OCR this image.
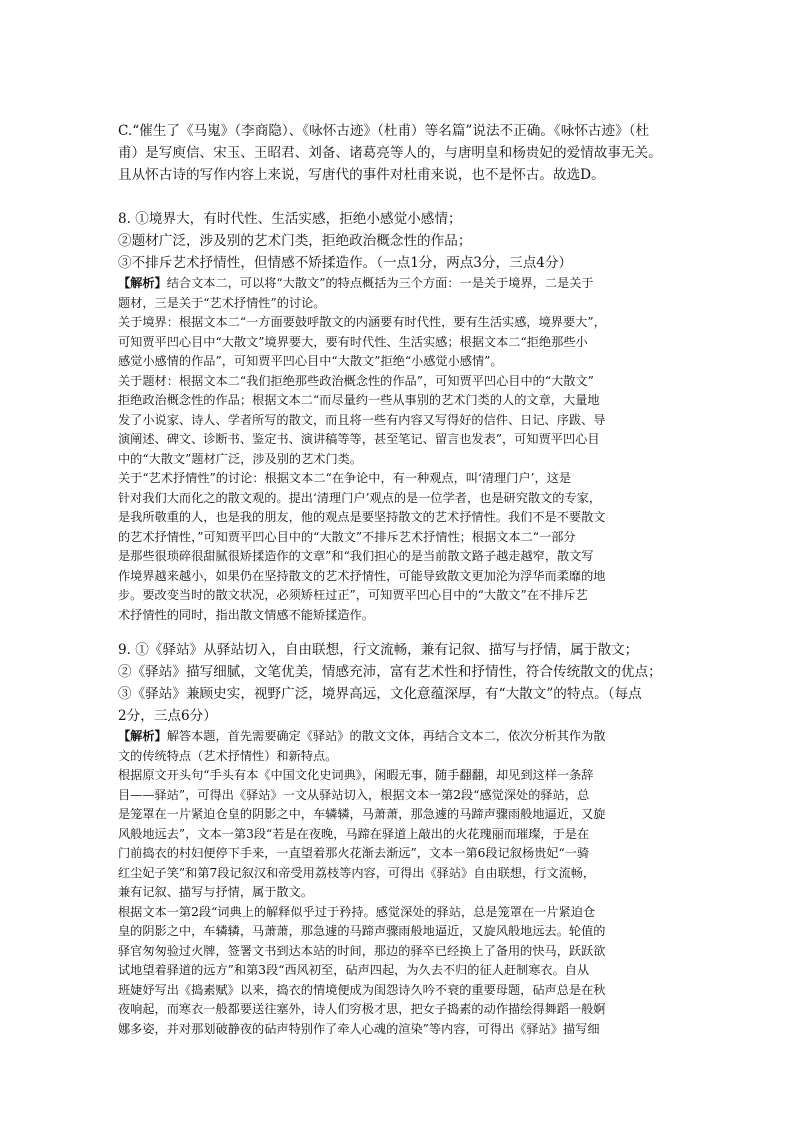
C.“催生了《马嵬》（李商隐）、《咏怀古迹》（杜甫）等名篇”说法不正确。《咏怀古迹》（杜

甫）是写庾信、宋玉、王昭君、刘备、诸葛亮等人的，与唐明皇和杨贵妃的爱情故事无关。

且从怀古诗的写作内容上来说，写唐代的事件对杜甫来说，也不是怀古。故选D。

8. ①境界大，有时代性、生活实感，拒绝小感觉小感情；

②题材广泛，涉及别的艺术门类，拒绝政治概念性的作品；

③不排斥艺术抒情性，但情感不矫揉造作。（一点1分，两点3分，三点4分）

【解析】结合文本二，可以将“大散文”的特点概括为三个方面：一是关于境界，二是关于

题材，三是关于“艺术抒情性”的讨论。

关于境界：根据文本二“一方面要鼓呼散文的内涵要有时代性，要有生活实感，境界要大”，

可知贾平凹心目中“大散文”境界要大，要有时代性、生活实感；根据文本二“拒绝那些小

感觉小感情的作品”，可知贾平凹心目中“大散文”拒绝“小感觉小感情”。

关于题材：根据文本二“我们拒绝那些政治概念性的作品”，可知贾平凹心目中的“大散文”

拒绝政治概念性的作品；根据文本二“而尽量约一些从事别的艺术门类的人的文章，大量地

发了小说家、诗人、学者所写的散文，而且将一些有内容又写得好的信件、日记、序跋、导

演阐述、碑文、诊断书、鉴定书、演讲稿等等，甚至笔记、留言也发表”，可知贾平凹心目

中的“大散文”题材广泛，涉及别的艺术门类。

关于“艺术抒情性”的讨论：根据文本二“在争论中，有一种观点，叫‘清理门户’，这是

针对我们大而化之的散文观的。提出‘清理门户’观点的是一位学者，也是研究散文的专家，

是我所敬重的人，也是我的朋友，他的观点是要坚持散文的艺术抒情性。我们不是不要散文

的艺术抒情性，”可知贾平凹心目中的“大散文”不排斥艺术抒情性；根据文本二“一部分

是那些很琐碎很甜腻很矫揉造作的文章”和“我们担心的是当前散文路子越走越窄，散文写

作境界越来越小，如果仍在坚持散文的艺术抒情性，可能导致散文更加沦为浮华而柔靡的地

步。要改变当时的散文状况，必须矫枉过正”，可知贾平凹心目中的“大散文”在不排斥艺

术抒情性的同时，指出散文情感不能矫揉造作。

9. ①《驿站》从驿站切入，自由联想，行文流畅，兼有记叙、描写与抒情，属于散文；

②《驿站》描写细腻，文笔优美，情感充沛，富有艺术性和抒情性，符合传统散文的优点；

③《驿站》兼顾史实，视野广泛，境界高远，文化意蕴深厚，有“大散文”的特点。（每点

2分，三点6分）

【解析】解答本题，首先需要确定《驿站》的散文文体，再结合文本二，依次分析其作为散

文的传统特点（艺术抒情性）和新特点。

根据原文开头句“手头有本《中国文化史词典》，闲暇无事，随手翻翻，却见到这样一条辞

目——驿站”，可得出《驿站》一文从驿站切入，根据文本一第2段“感觉深处的驿站，总

是笼罩在一片紧迫仓皇的阴影之中，车辚辚，马萧萧，那急遽的马蹄声骤雨般地逼近，又旋

风般地远去”，文本一第3段“若是在夜晚，马蹄在驿道上敲出的火花瑰丽而璀璨，于是在

门前捣衣的村妇便停下手来，一直望着那火花渐去渐远”，文本一第6段记叙杨贵妃“一骑

红尘妃子笑”和第7段记叙汉和帝受用荔枝等内容，可得出《驿站》自由联想，行文流畅，

兼有记叙、描写与抒情，属于散文。

根据文本一第2段“词典上的解释似乎过于矜持。感觉深处的驿站，总是笼罩在一片紧迫仓

皇的阴影之中，车辚辚，马萧萧，那急遽的马蹄声骤雨般地逼近，又旋风般地远去。轮值的

驿官匆匆验过火牌，签署文书到达本站的时间，那边的驿卒已经换上了备用的快马，跃跃欲

试地望着驿道的远方”和第3段“西风初至，砧声四起，为久去不归的征人赶制寒衣。自从

班婕妤写出《捣素赋》以来，捣衣的情境便成为闺怨诗久吟不衰的重要母题，砧声总是在秋

夜响起，而寒衣一般都要送往塞外，诗人们穷极才思，把女子捣素的动作描绘得舞蹈一般婀

娜多姿，并对那划破静夜的砧声特别作了牵人心魂的渲染”等内容，可得出《驿站》描写细
